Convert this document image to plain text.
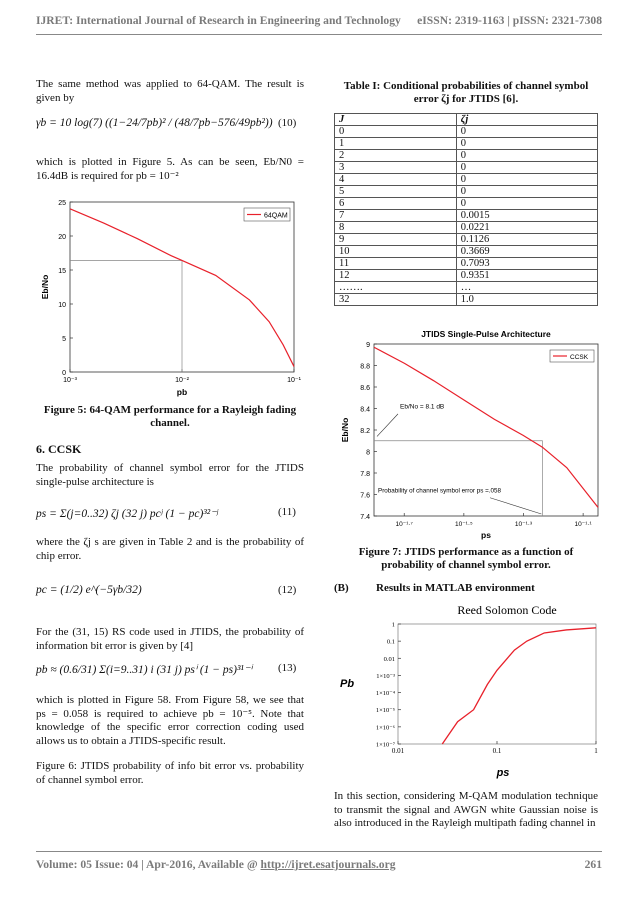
IJRET: International Journal of Research in Engineering and Technology eISSN: 2319-1163 | pISSN: 2321-7308
Volume: 05 Issue: 04 | Apr-2016, Available @ http://ijret.esatjournals.org	261
The same method was applied to 64-QAM. The result is given by
γb = 10 log(7) ((1−24/7pb)² / (48/7pb−576/49pb²)) (10)
which is plotted in Figure 5. As can be seen, Eb/N0 = 16.4dB is required for pb = 10⁻²
0
5
10
15
20
25
10⁻³	10⁻²	10⁻¹
pb
Eb/No
64QAM
Figure 5: 64-QAM performance for a Rayleigh fading channel.
6. CCSK
The probability of channel symbol error for the JTIDS single-pulse architecture is
ps = Σ(j=0..32) ζj (32 j) pcʲ (1 − pc)³²⁻ʲ	(11)
where the ζj s are given in Table 2 and is the probability of chip error.
pc = (1/2) e^(−5γb/32)	(12)
For the (31, 15) RS code used in JTIDS, the probability of information bit error is given by [4]
pb ≈ (0.6/31) Σ(i=9..31) i (31 j) psⁱ (1 − ps)³¹⁻ⁱ (13)
which is plotted in Figure 58. From Figure 58, we see that ps = 0.058 is required to achieve pb = 10⁻⁵. Note that knowledge of the specific error correction coding used allows us to obtain a JTIDS-specific result.
Figure 6: JTIDS probability of info bit error vs. probability of channel symbol error.
Table I: Conditional probabilities of channel symbol error ζj for JTIDS [6].
J	ζj
0	0
1	0
2	0
3	0
4	0
5	0
6	0
7	0.0015
8	0.0221
9	0.1126
10	0.3669
11	0.7093
12	0.9351
…….	…
32	1.0
JTIDS Single-Pulse Architecture
7.4
7.6
7.8
8
8.2
8.4
8.6
8.8
9
10⁻¹·⁷	10⁻¹·⁵	10⁻¹·³	10⁻¹·¹
ps
Eb/No
Eb/No = 8.1 dB
Probability of channel symbol error ps =.058
CCSK
Figure 7: JTIDS performance as a function of probability of channel symbol error.
(B) Results in MATLAB environment
Reed Solomon Code
1
0.1
0.01
1×10⁻³
1×10⁻⁴
1×10⁻⁵
1×10⁻⁶
1×10⁻⁷
0.01	0.1	1
ps
Pb
In this section, considering M-QAM modulation technique to transmit the signal and AWGN white Gaussian noise is also introduced in the Rayleigh multipath fading channel in
